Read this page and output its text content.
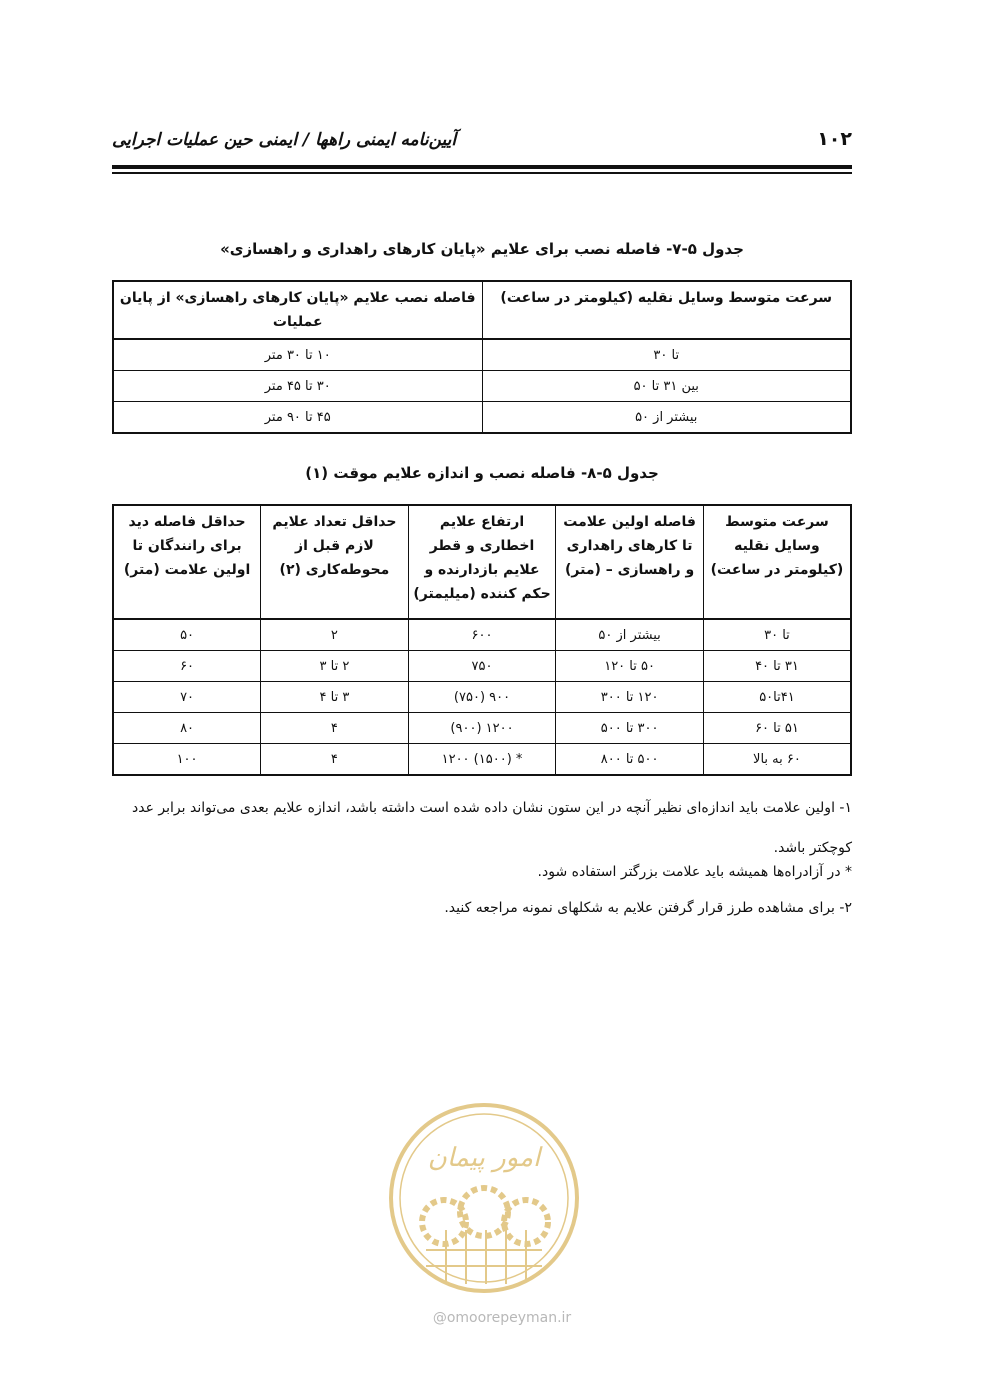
۱۰۲
آیین‌نامه ایمنی راهها / ایمنی حین عملیات اجرایی
جدول ۵-۷- فاصله نصب برای علایم «پایان کارهای راهداری و راهسازی»
سرعت متوسط وسایل نقلیه (کیلومتر در ساعت)	فاصله نصب علایم «پایان کارهای راهسازی» از پایان عملیات
تا ۳۰	۱۰ تا ۳۰ متر
بین ۳۱ تا ۵۰	۳۰ تا ۴۵ متر
بیشتر از ۵۰	۴۵ تا ۹۰ متر
جدول ۵-۸- فاصله نصب و اندازه علایم موقت (۱)
سرعت متوسط وسایل نقلیه (کیلومتر در ساعت)	فاصله اولین علامت تا کارهای راهداری و راهسازی – (متر)	ارتفاع علایم اخطاری و قطر علایم بازدارنده و حکم کننده (میلیمتر)	حداقل تعداد علایم لازم قبل از محوطه‌کاری (۲)	حداقل فاصله دید برای رانندگان تا اولین علامت (متر)
تا ۳۰	بیشتر از ۵۰	۶۰۰	۲	۵۰
۳۱ تا ۴۰	۵۰ تا ۱۲۰	۷۵۰	۲ تا ۳	۶۰
۴۱تا۵۰	۱۲۰ تا ۳۰۰	۹۰۰ (۷۵۰)	۳ تا ۴	۷۰
۵۱ تا ۶۰	۳۰۰ تا ۵۰۰	۱۲۰۰ (۹۰۰)	۴	۸۰
۶۰ به بالا	۵۰۰ تا ۸۰۰	* (۱۵۰۰) ۱۲۰۰	۴	۱۰۰
۱- اولین علامت باید اندازه‌ای نظیر آنچه در این ستون نشان داده شده است داشته باشد، اندازه علایم بعدی می‌تواند برابر عدد کوچکتر باشد.
* در آزادراه‌ها همیشه باید علامت بزرگتر استفاده شود.
۲- برای مشاهده طرز قرار گرفتن علایم به شکلهای نمونه مراجعه کنید.
امور پیمان
@omoorepeyman.ir
